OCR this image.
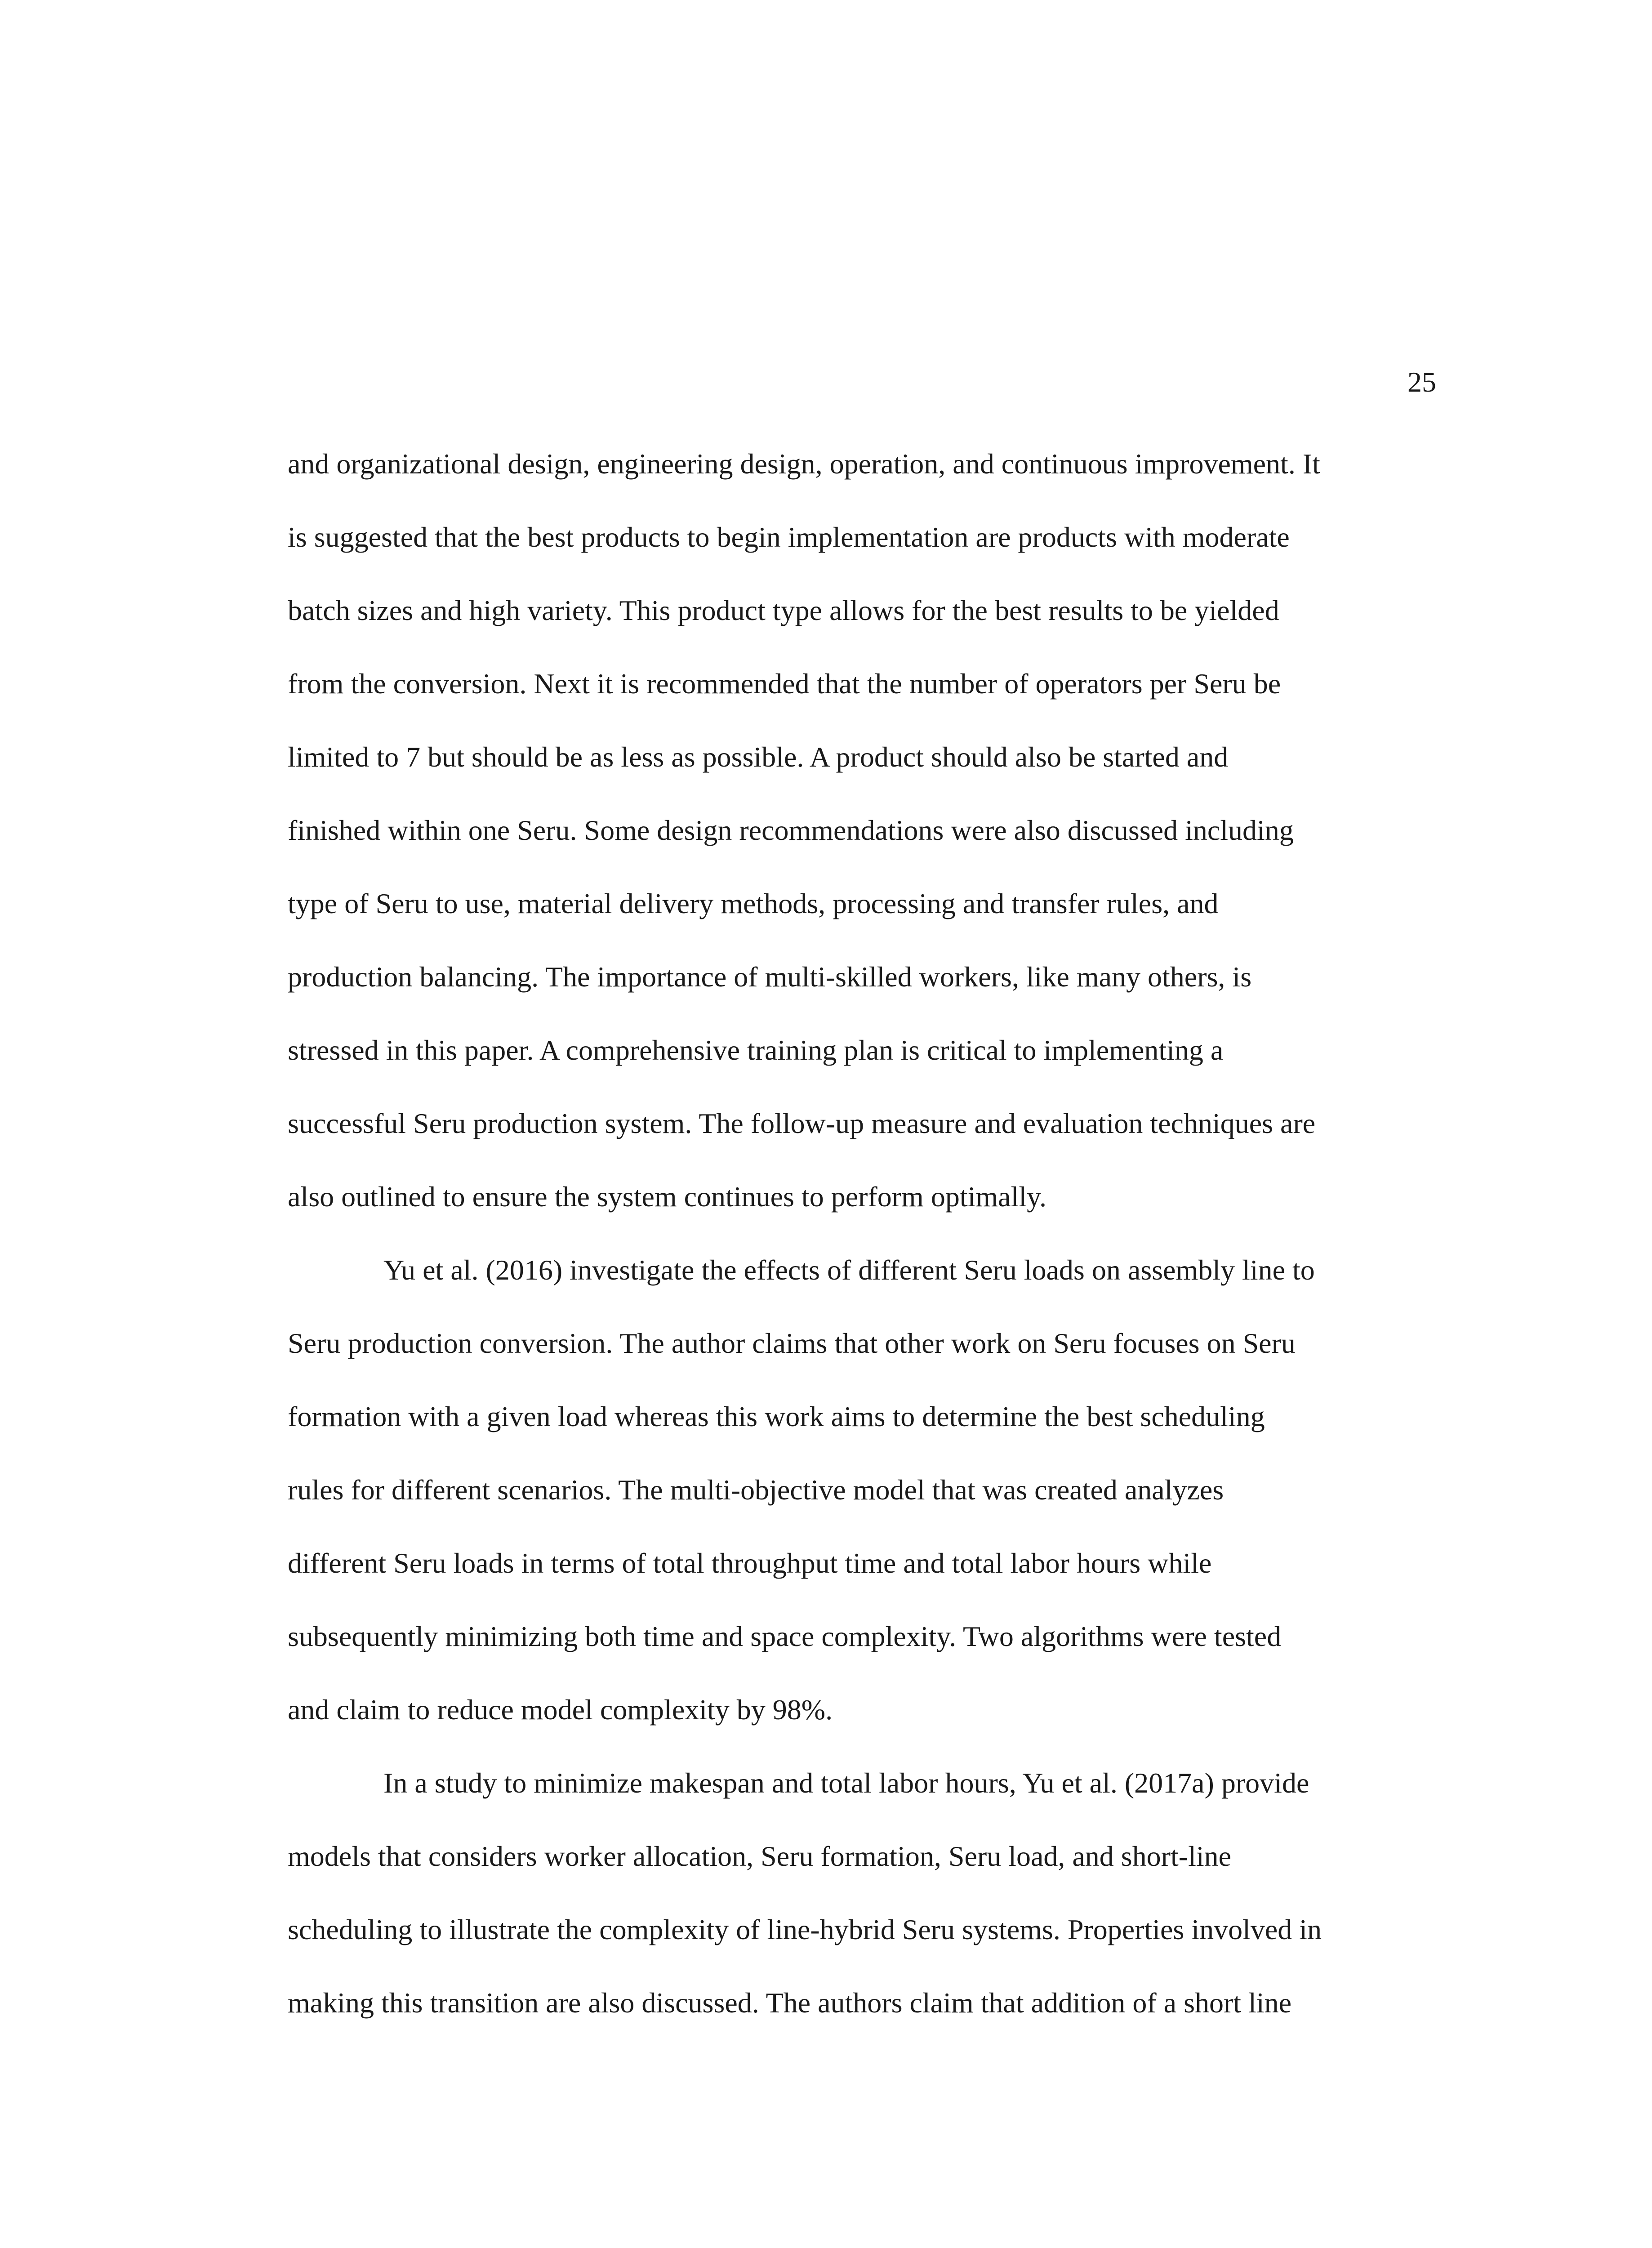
25
and organizational design, engineering design, operation, and continuous improvement. It
is suggested that the best products to begin implementation are products with moderate
batch sizes and high variety. This product type allows for the best results to be yielded
from the conversion. Next it is recommended that the number of operators per Seru be
limited to 7 but should be as less as possible. A product should also be started and
finished within one Seru. Some design recommendations were also discussed including
type of Seru to use, material delivery methods, processing and transfer rules, and
production balancing. The importance of multi-skilled workers, like many others, is
stressed in this paper. A comprehensive training plan is critical to implementing a
successful Seru production system. The follow-up measure and evaluation techniques are
also outlined to ensure the system continues to perform optimally.
Yu et al. (2016) investigate the effects of different Seru loads on assembly line to
Seru production conversion. The author claims that other work on Seru focuses on Seru
formation with a given load whereas this work aims to determine the best scheduling
rules for different scenarios. The multi-objective model that was created analyzes
different Seru loads in terms of total throughput time and total labor hours while
subsequently minimizing both time and space complexity. Two algorithms were tested
and claim to reduce model complexity by 98%.
In a study to minimize makespan and total labor hours, Yu et al. (2017a) provide
models that considers worker allocation, Seru formation, Seru load, and short-line
scheduling to illustrate the complexity of line-hybrid Seru systems. Properties involved in
making this transition are also discussed. The authors claim that addition of a short line
